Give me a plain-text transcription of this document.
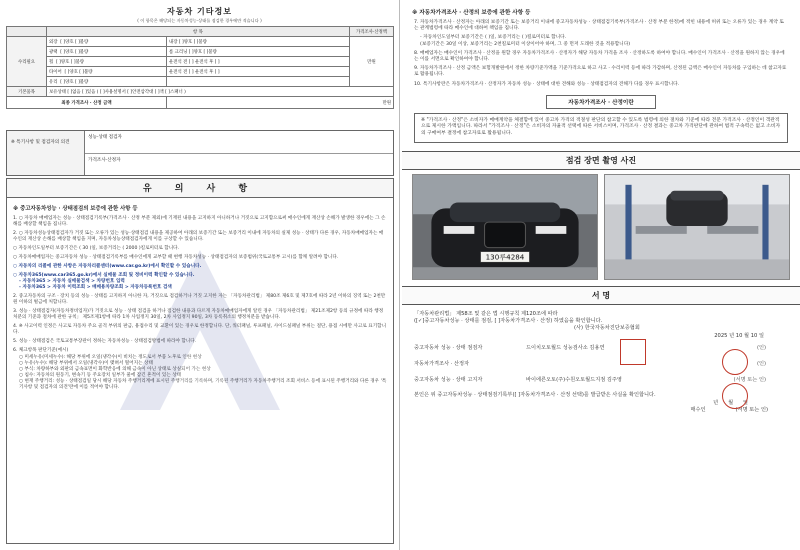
자동차 기타정보
( 이 항목은 해당되는 자동차성능·상태를 점검한 경우에만 적습니다 )
	항 목		가격조사·산정액
수리필요	외장 [ ]양호 [ ]불량	내장 [ ]양호 [ ]불량	만원
	광택 [ ]양호 [ ]불량	룸 크리닝 [ ]양호 [ ]불량	
	휠 [ ]양호 [ ]불량	운전석 전 [ ] 운전석 후 [ ]	
	타이어 [ ]양호 [ ]불량	운전석 전 [ ] 운전석 후 [ ]	
	유리 [ ]양호 [ ]불량		
기본품목	보유상태 [ ]없음 [ ]있음 ( [ ]사용설명서 [ ]안전삼각대 [ ]잭 [ ]스패너 )		
최종 가격조사 · 산정 금액		만원	
※ 특기사항 및 점검자의 의견
성능·상태 점검자
가격조사·산정자
유 의 사 항
※ 중고자동차성능 · 상태점검의 보증에 관한 사항 등
1. ○ 자동차 매매업자는 성능 · 상태점검기록부(가격조사 · 산정 부분 제외)에 기재된 내용을 고지하지 아니하거나 거짓으로 고지함으로써 매수인에게 재산상 손해가 발생한 경우에는 그 손해를 배상할 책임을 집니다.
2. ○ 자동차성능상태점검자가 거짓 또는 오류가 있는 성능·상태점검 내용을 제공하여 아래의 보증기간 또는 보증거리 이내에 자동차의 실제 성능 · 상태가 다른 경우, 자동차매매업자는 매수인의 재산상 손해를 배상할 책임을 지며, 자동차성능상태점검자에게 이를 구상할 수 있습니다.
○ 자동차인도일부터 보증기간은 ( 30 )일, 보증거리는 ( 2000 )킬로미터로 합니다.
○ 자동차매매업자는 중고자동차 성능 · 상태점검기록부를 매수인에게 교부할 때 현행 자동차성능 · 상태점검자의 보증범위(국토교통부 고시)를 함께 알려야 합니다.
○ 자동차의 리콜에 관한 사항은 자동차리콜센터(www.car.go.kr)에서 확인할 수 있습니다.
○ 자동차365(www.car365.go.kr)에서 실매물 조회 및 정비이력 확인할 수 있습니다.
- 자동차365 > 자동차 실매물검색 > 차량번호 입력
- 자동차365 > 자동차 이력조회 > 매매용차량조회 > 자동차등록번호 검색
2. 중고자동차의 구조 · 장치 등의 성능 · 상태를 고지하지 아니한 자, 거짓으로 점검하거나 거짓 고지한 자는 「자동차관리법」 제80조 제6호 및 제7호에 따라 2년 이하의 징역 또는 2천만원 이하의 벌금에 처합니다.
3. 성능 · 상태점검자(자동차정비업자)가 거짓으로 성능 · 상태 점검을 하거나 점검한 내용과 다르게 자동차매매업자에게 알린 경우 「자동차관리법」 제21조제2항 등의 규정에 따라 행정처분의 기준과 절차에 관한 규칙」 제5조제1항에 따라 1차 사업정지 30일, 2차 사업정지 90일, 3차 등록취소의 행정처분을 받습니다.
4. ※ 사고이력 인정은 사고로 자동차 주요 골격 부위의 판금, 용접수리 및 교환이 있는 경우로 한정합니다. 단, 쿼터패널, 루프패널, 사이드실패널 부위는 절단, 용접 시에만 사고로 표기합니다.
5. 성능 · 상태점검은 국토교통부장관이 정하는 자동차성능 · 상태점검방법에 따라야 합니다.
6. 체크항목 판단기준(예시)
○ 미세누유(미세누수): 해당 부위에 오일(냉각수)이 비치는 정도로서 부품 노후로 인한 현상
○ 누유(누수): 해당 부위에서 오일(냉각수)이 맺혀서 떨어지는 상태
○ 부식: 차량하부와 외판의 금속표면이 화학반응에 의해 금속이 아닌 상태로 상실되어 가는 현상
○ 침수: 자동차의 원동기, 변속기 등 주요장치 일부가 물에 잠긴 흔적이 있는 상태
○ 현재 주행거리: 성능 · 상태점검일 당시 해당 자동차 주행거리계에 표시된 주행거리를 기록하며, 기록된 주행거리가 자동차주행거리 조회 서비스 등에 표시된 주행거리와 다른 경우 '특기사항 및 점검자의 의견'란에 이를 적어야 합니다.
※ 자동차가격조사 · 산정의 보증에 관한 사항 등
7. 자동차가격조사 · 산정자는 아래의 보증기간 또는 보증거리 이내에 중고자동차성능 · 상태점검기록부(가격조사 · 산정 부분 한정)에 적힌 내용에 허위 또는 오류가 있는 경우 계약 또는 관계법령에 따라 매수인에 대하여 책임을 집니다.
- 자동차인도일부터 보증기간은 ( )일, 보증거리는 ( )킬로미터로 합니다.
(보증기간은 30일 이상, 보증거리는 2천킬로미터 이상이어야 하며, 그 중 먼저 도래한 것을 적용합니다)
8. 매매업자는 매수인이 가격조사 · 산정을 원할 경우 자동차가격조사 · 산정자가 해당 자동차 가격을 조사 · 산정하도록 하여야 합니다. 매수인이 가격조사 · 산정을 원하지 않는 경우에는 이를 서면으로 확인하여야 합니다.
9. 자동차가격조사 · 산정 금액은 보험개발원에서 정한 차량기준가액을 기준가격으로 하고 사고 · 수리이력 등에 따라 가감하며, 산정된 금액은 매수인이 자동차를 구입하는 데 참고자료로 활용됩니다.
10. 특기사항란은 자동차가격조사 · 산정자가 자동차 성능 · 상태에 대한 견해와 성능 · 상태점검자의 견해가 다를 경우 표시합니다.
자동차가격조사 · 산정이란
※ "가격조사 · 산정"은 소비자가 매매계약을 체결함에 있어 중고차 가격의 적절성 판단의 참고할 수 있도록 법령에 의한 절차와 기준에 따라 전문 가격조사 · 산정인이 객관적으로 제시한 가액입니다. 따라서 "가격조사 · 산정"은 소비자의 자율적 선택에 따른 서비스이며, 가격조사 · 산정 결과는 중고차 가격판단에 관하여 법적 구속력은 없고 소비자의 구매여부 결정에 참고자료로 활용됩니다.
점검 장면 촬영 사진
130루4284
서 명
「자동차관리법」 제58조 및 같은 법 시행규칙 제120조에 따라
([✓]중고자동차성능 · 상태를 점검, [ ]자동차가격조사 · 산정) 하였음을 확인합니다.
(사) 한국자동차진단보증협회
2025 년 10 월 10 일
중고자동차 성능 · 상태 점검자	드이치오토월드 성능검사소 김용연	(인)
자동차가격조사 · 산정자	(인)
중고자동차 성능 · 상태 고지자	바이에른오토(주)수원오토월드지점 김주영	(서명 또는 인)
본인은 위 중고자동차성능 · 상태점검기록부([ ]자동차가격조사 · 산정 선택)를 발급받은 사실을 확인합니다.
년 월 일
매수인	(서명 또는 인)
